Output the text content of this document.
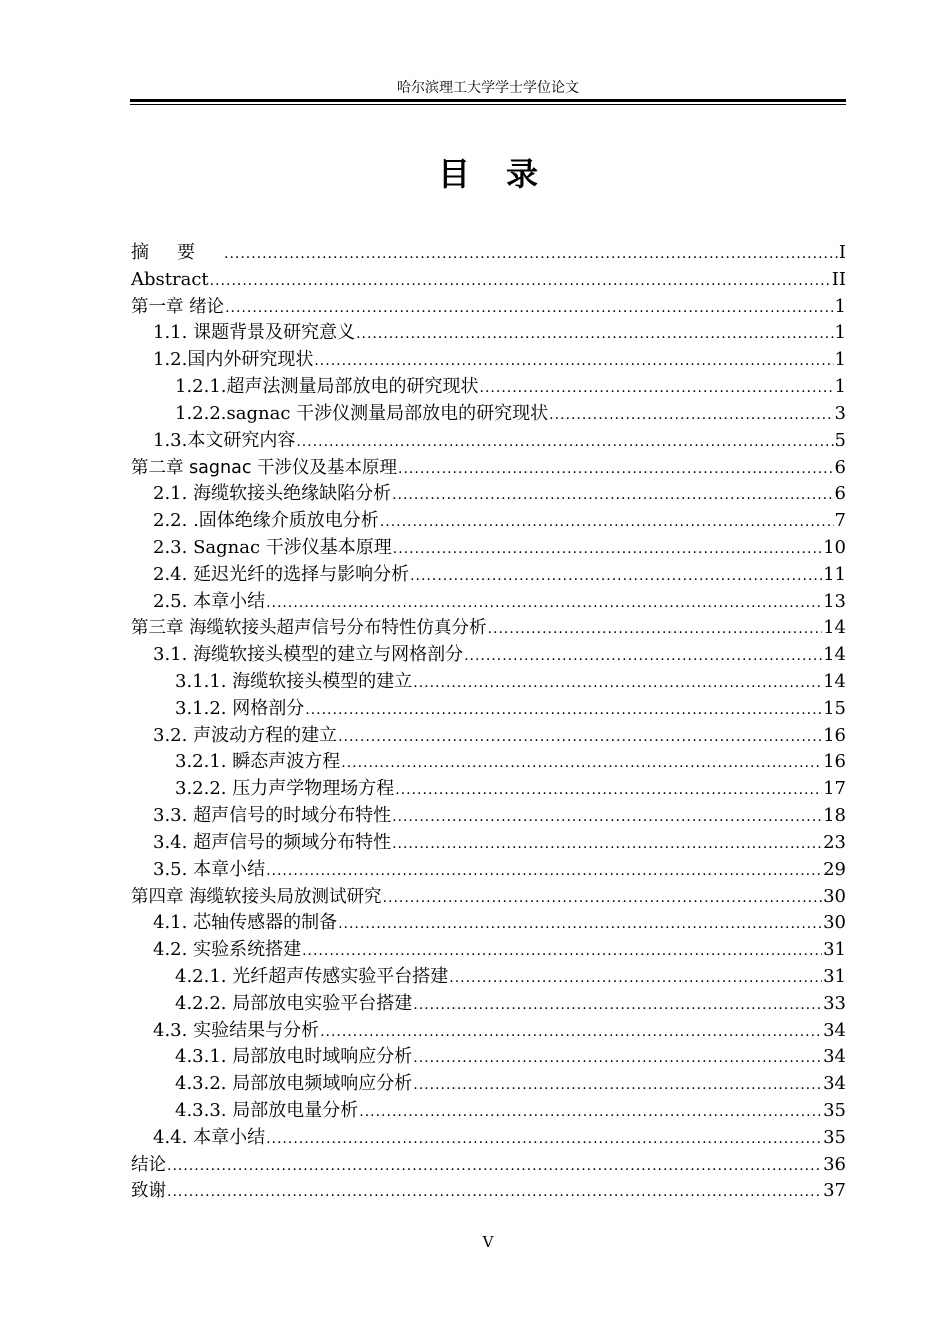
哈尔滨理工大学学士学位论文
目录
摘要 .....	I
Abstract .....	II
第一章 绪论 .....	1
1.1. 课题背景及研究意义 .....	1
1.2.国内外研究现状 .....	1
1.2.1.超声法测量局部放电的研究现状 .....	1
1.2.2.sagnac 干涉仪测量局部放电的研究现状 .....	3
1.3.本文研究内容 .....	5
第二章 sagnac 干涉仪及基本原理 .....	6
2.1. 海缆软接头绝缘缺陷分析 .....	6
2.2. .固体绝缘介质放电分析 .....	7
2.3. Sagnac 干涉仪基本原理 .....	10
2.4. 延迟光纤的选择与影响分析 .....	11
2.5. 本章小结 .....	13
第三章 海缆软接头超声信号分布特性仿真分析 .....	14
3.1. 海缆软接头模型的建立与网格剖分 .....	14
3.1.1. 海缆软接头模型的建立 .....	14
3.1.2. 网格剖分 .....	15
3.2. 声波动方程的建立 .....	16
3.2.1. 瞬态声波方程 .....	16
3.2.2. 压力声学物理场方程 .....	17
3.3. 超声信号的时域分布特性 .....	18
3.4. 超声信号的频域分布特性 .....	23
3.5. 本章小结 .....	29
第四章 海缆软接头局放测试研究 .....	30
4.1. 芯轴传感器的制备 .....	30
4.2. 实验系统搭建 .....	31
4.2.1. 光纤超声传感实验平台搭建 .....	31
4.2.2. 局部放电实验平台搭建 .....	33
4.3. 实验结果与分析 .....	34
4.3.1. 局部放电时域响应分析 .....	34
4.3.2. 局部放电频域响应分析 .....	34
4.3.3. 局部放电量分析 .....	35
4.4. 本章小结 .....	35
结论 .....	36
致谢 .....	37
V
